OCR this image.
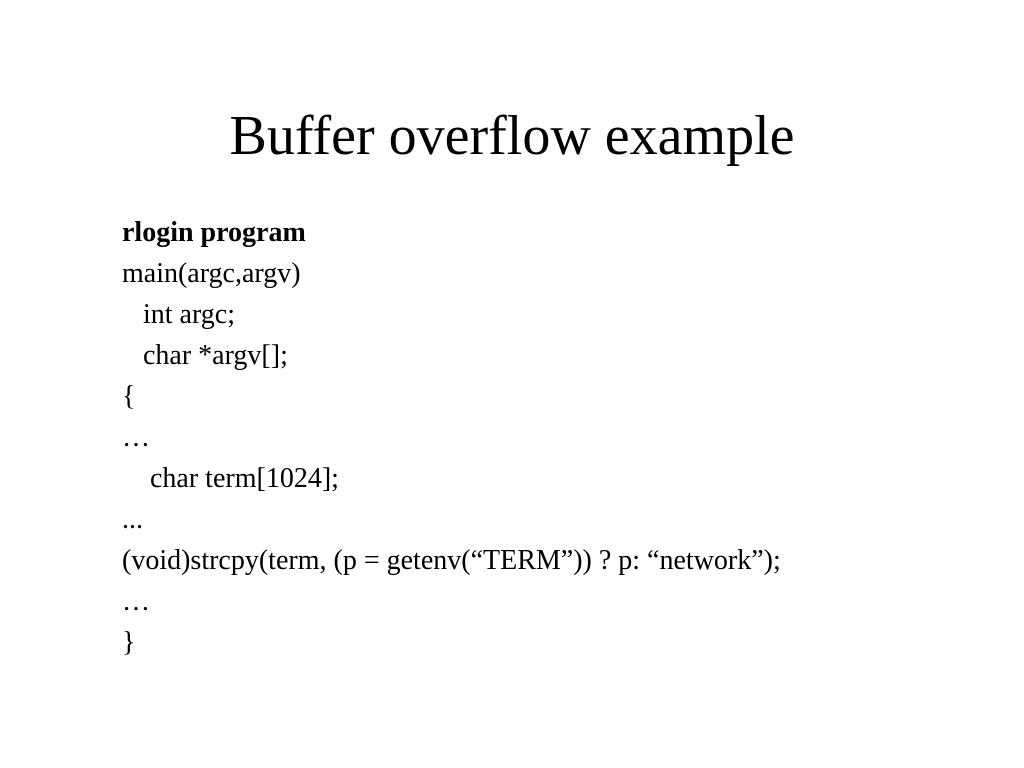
Buffer overflow example
rlogin program
main(argc,argv)
int argc;
char *argv[];
{
…
char term[1024];
...
(void)strcpy(term, (p = getenv(“TERM”)) ? p: “network”);
…
}
